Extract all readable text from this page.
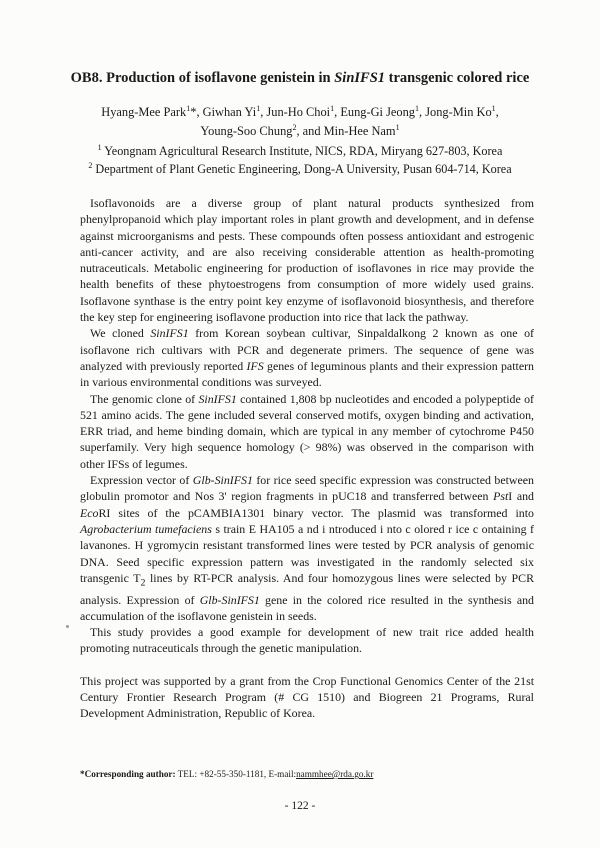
OB8. Production of isoflavone genistein in SinIFS1 transgenic colored rice
Hyang-Mee Park$^1$*, Giwhan Yi$^1$, Jun-Ho Choi$^1$, Eung-Gi Jeong$^1$, Jong-Min Ko$^1$,
Young-Soo Chung$^2$, and Min-Hee Nam$^1$
$^1$ Yeongnam Agricultural Research Institute, NICS, RDA, Miryang 627-803, Korea
$^2$ Department of Plant Genetic Engineering, Dong-A University, Pusan 604-714, Korea

Isoflavonoids are a diverse group of plant natural products synthesized from phenylpropanoid which play important roles in plant growth and development, and in defense against microorganisms and pests. These compounds often possess antioxidant and estrogenic anti-cancer activity, and are also receiving considerable attention as health-promoting nutraceuticals. Metabolic engineering for production of isoflavones in rice may provide the health benefits of these phytoestrogens from consumption of more widely used grains. Isoflavone synthase is the entry point key enzyme of isoflavonoid biosynthesis, and therefore the key step for engineering isoflavone production into rice that lack the pathway.

We cloned SinIFS1 from Korean soybean cultivar, Sinpaldalkong 2 known as one of isoflavone rich cultivars with PCR and degenerate primers. The sequence of gene was analyzed with previously reported IFS genes of leguminous plants and their expression pattern in various environmental conditions was surveyed.

The genomic clone of SinIFS1 contained 1,808 bp nucleotides and encoded a polypeptide of 521 amino acids. The gene included several conserved motifs, oxygen binding and activation, ERR triad, and heme binding domain, which are typical in any member of cytochrome P450 superfamily. Very high sequence homology (> 98%) was observed in the comparison with other IFSs of legumes.

Expression vector of Glb-SinIFS1 for rice seed specific expression was constructed between globulin promotor and Nos 3' region fragments in pUC18 and transferred between PstI and EcoRI sites of the pCAMBIA1301 binary vector. The plasmid was transformed into Agrobacterium tumefaciens s train E HA105 a nd i ntroduced i nto c olored r ice c ontaining f lavanones. H ygromycin resistant transformed lines were tested by PCR analysis of genomic DNA. Seed specific expression pattern was investigated in the randomly selected six transgenic $T_2$ lines by RT-PCR analysis. And four homozygous lines were selected by PCR analysis. Expression of Glb-SinIFS1 gene in the colored rice resulted in the synthesis and accumulation of the isoflavone genistein in seeds.

This study provides a good example for development of new trait rice added health promoting nutraceuticals through the genetic manipulation.

This project was supported by a grant from the Crop Functional Genomics Center of the 21st Century Frontier Research Program (# CG 1510) and Biogreen 21 Programs, Rural Development Administration, Republic of Korea.

*Corresponding author: TEL: +82-55-350-1181, E-mail:nammhee@rda.go.kr
- 122 -
